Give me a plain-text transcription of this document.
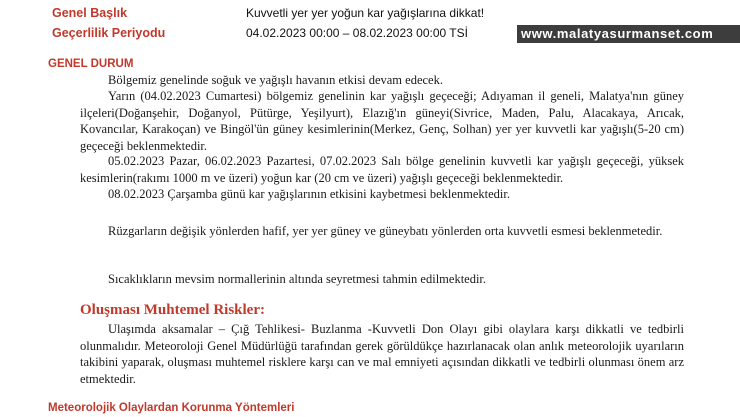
Genel Başlık	Kuvvetli yer yer yoğun kar yağışlarına dikkat!
Geçerlilik Periyodu	04.02.2023 00:00 – 08.02.2023 00:00 TSİ	www.malatyasurmanset.com
GENEL DURUM

Bölgemiz genelinde soğuk ve yağışlı havanın etkisi devam edecek.

Yarın (04.02.2023 Cumartesi) bölgemiz genelinin kar yağışlı geçeceği; Adıyaman il geneli, Malatya'nın güney ilçeleri(Doğanşehir, Doğanyol, Pütürge, Yeşilyurt), Elazığ'ın güneyi(Sivrice, Maden, Palu, Alacakaya, Arıcak, Kovancılar, Karakoçan) ve Bingöl'ün güney kesimlerinin(Merkez, Genç, Solhan) yer yer kuvvetli kar yağışlı(5-20 cm) geçeceği beklenmektedir.

05.02.2023 Pazar, 06.02.2023 Pazartesi, 07.02.2023 Salı bölge genelinin kuvvetli kar yağışlı geçeceği, yüksek kesimlerin(rakımı 1000 m ve üzeri) yoğun kar (20 cm ve üzeri) yağışlı geçeceği beklenmektedir.

08.02.2023 Çarşamba günü kar yağışlarının etkisini kaybetmesi beklenmektedir.

Rüzgarların değişik yönlerden hafif, yer yer güney ve güneybatı yönlerden orta kuvvetli esmesi beklenmetedir.

Sıcaklıkların mevsim normallerinin altında seyretmesi tahmin edilmektedir.

Oluşması Muhtemel Riskler:

Ulaşımda aksamalar – Çığ Tehlikesi- Buzlanma -Kuvvetli Don Olayı gibi olaylara karşı dikkatli ve tedbirli olunmalıdır. Meteoroloji Genel Müdürlüğü tarafından gerek görüldükçe hazırlanacak olan anlık meteorolojik uyarıların takibini yaparak, oluşması muhtemel risklere karşı can ve mal emniyeti açısından dikkatli ve tedbirli olunması önem arz etmektedir.

Meteorolojik Olaylardan Korunma Yöntemleri
